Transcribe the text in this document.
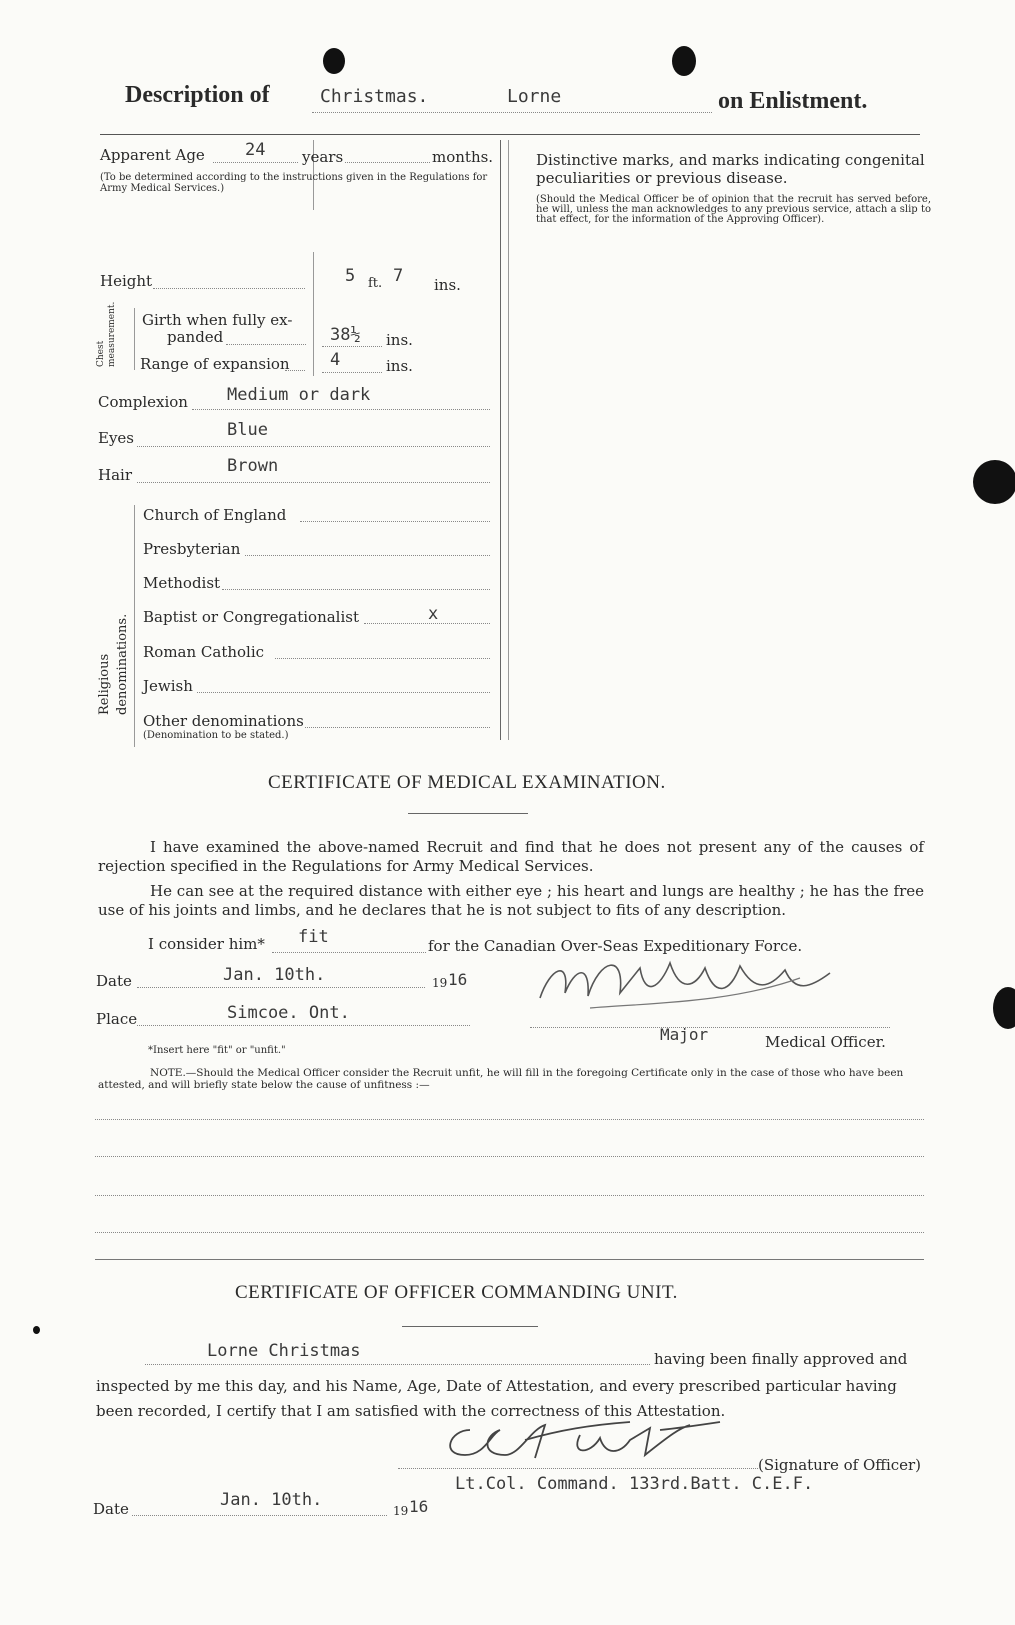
Description of	Christmas.	Lorne	on Enlistment.
Apparent Age 24 years	months.
(To be determined according to the instructions given in the Regulations for Army Medical Services.)
Height	5 ft. 7 ins.
Chest measurement.	Girth when fully ex-
panded	38½ ins.
Range of expansion 4	ins.
Complexion Medium or dark
Eyes	Blue
Hair	Brown
Religious denominations.
Church of England
Presbyterian
Methodist
Baptist or Congregationalist	x
Roman Catholic
Jewish
Other denominations
(Denomination to be stated.)
Distinctive marks, and marks indicating congenital peculiarities or previous disease.
(Should the Medical Officer be of opinion that the recruit has served before, he will, unless the man acknowledges to any previous service, attach a slip to that effect, for the information of the Approving Officer).
CERTIFICATE OF MEDICAL EXAMINATION.
I have examined the above-named Recruit and find that he does not present any of the causes of rejection specified in the Regulations for Army Medical Services.
He can see at the required distance with either eye ; his heart and lungs are healthy ; he has the free use of his joints and limbs, and he declares that he is not subject to fits of any description.
I consider him* fit	for the Canadian Over-Seas Expeditionary Force.
Date	Jan. 10th.	19 16
Place	Simcoe. Ont.
*Insert here "fit" or "unfit."
Major	Medical Officer.
NOTE.—Should the Medical Officer consider the Recruit unfit, he will fill in the foregoing Certificate only in the case of those who have been attested, and will briefly state below the cause of unfitness :—
CERTIFICATE OF OFFICER COMMANDING UNIT.
Lorne Christmas	having been finally approved and
inspected by me this day, and his Name, Age, Date of Attestation, and every prescribed particular having
been recorded, I certify that I am satisfied with the correctness of this Attestation.
(Signature of Officer)
Lt.Col. Command. 133rd.Batt. C.E.F.
Date	Jan. 10th.
19 16
